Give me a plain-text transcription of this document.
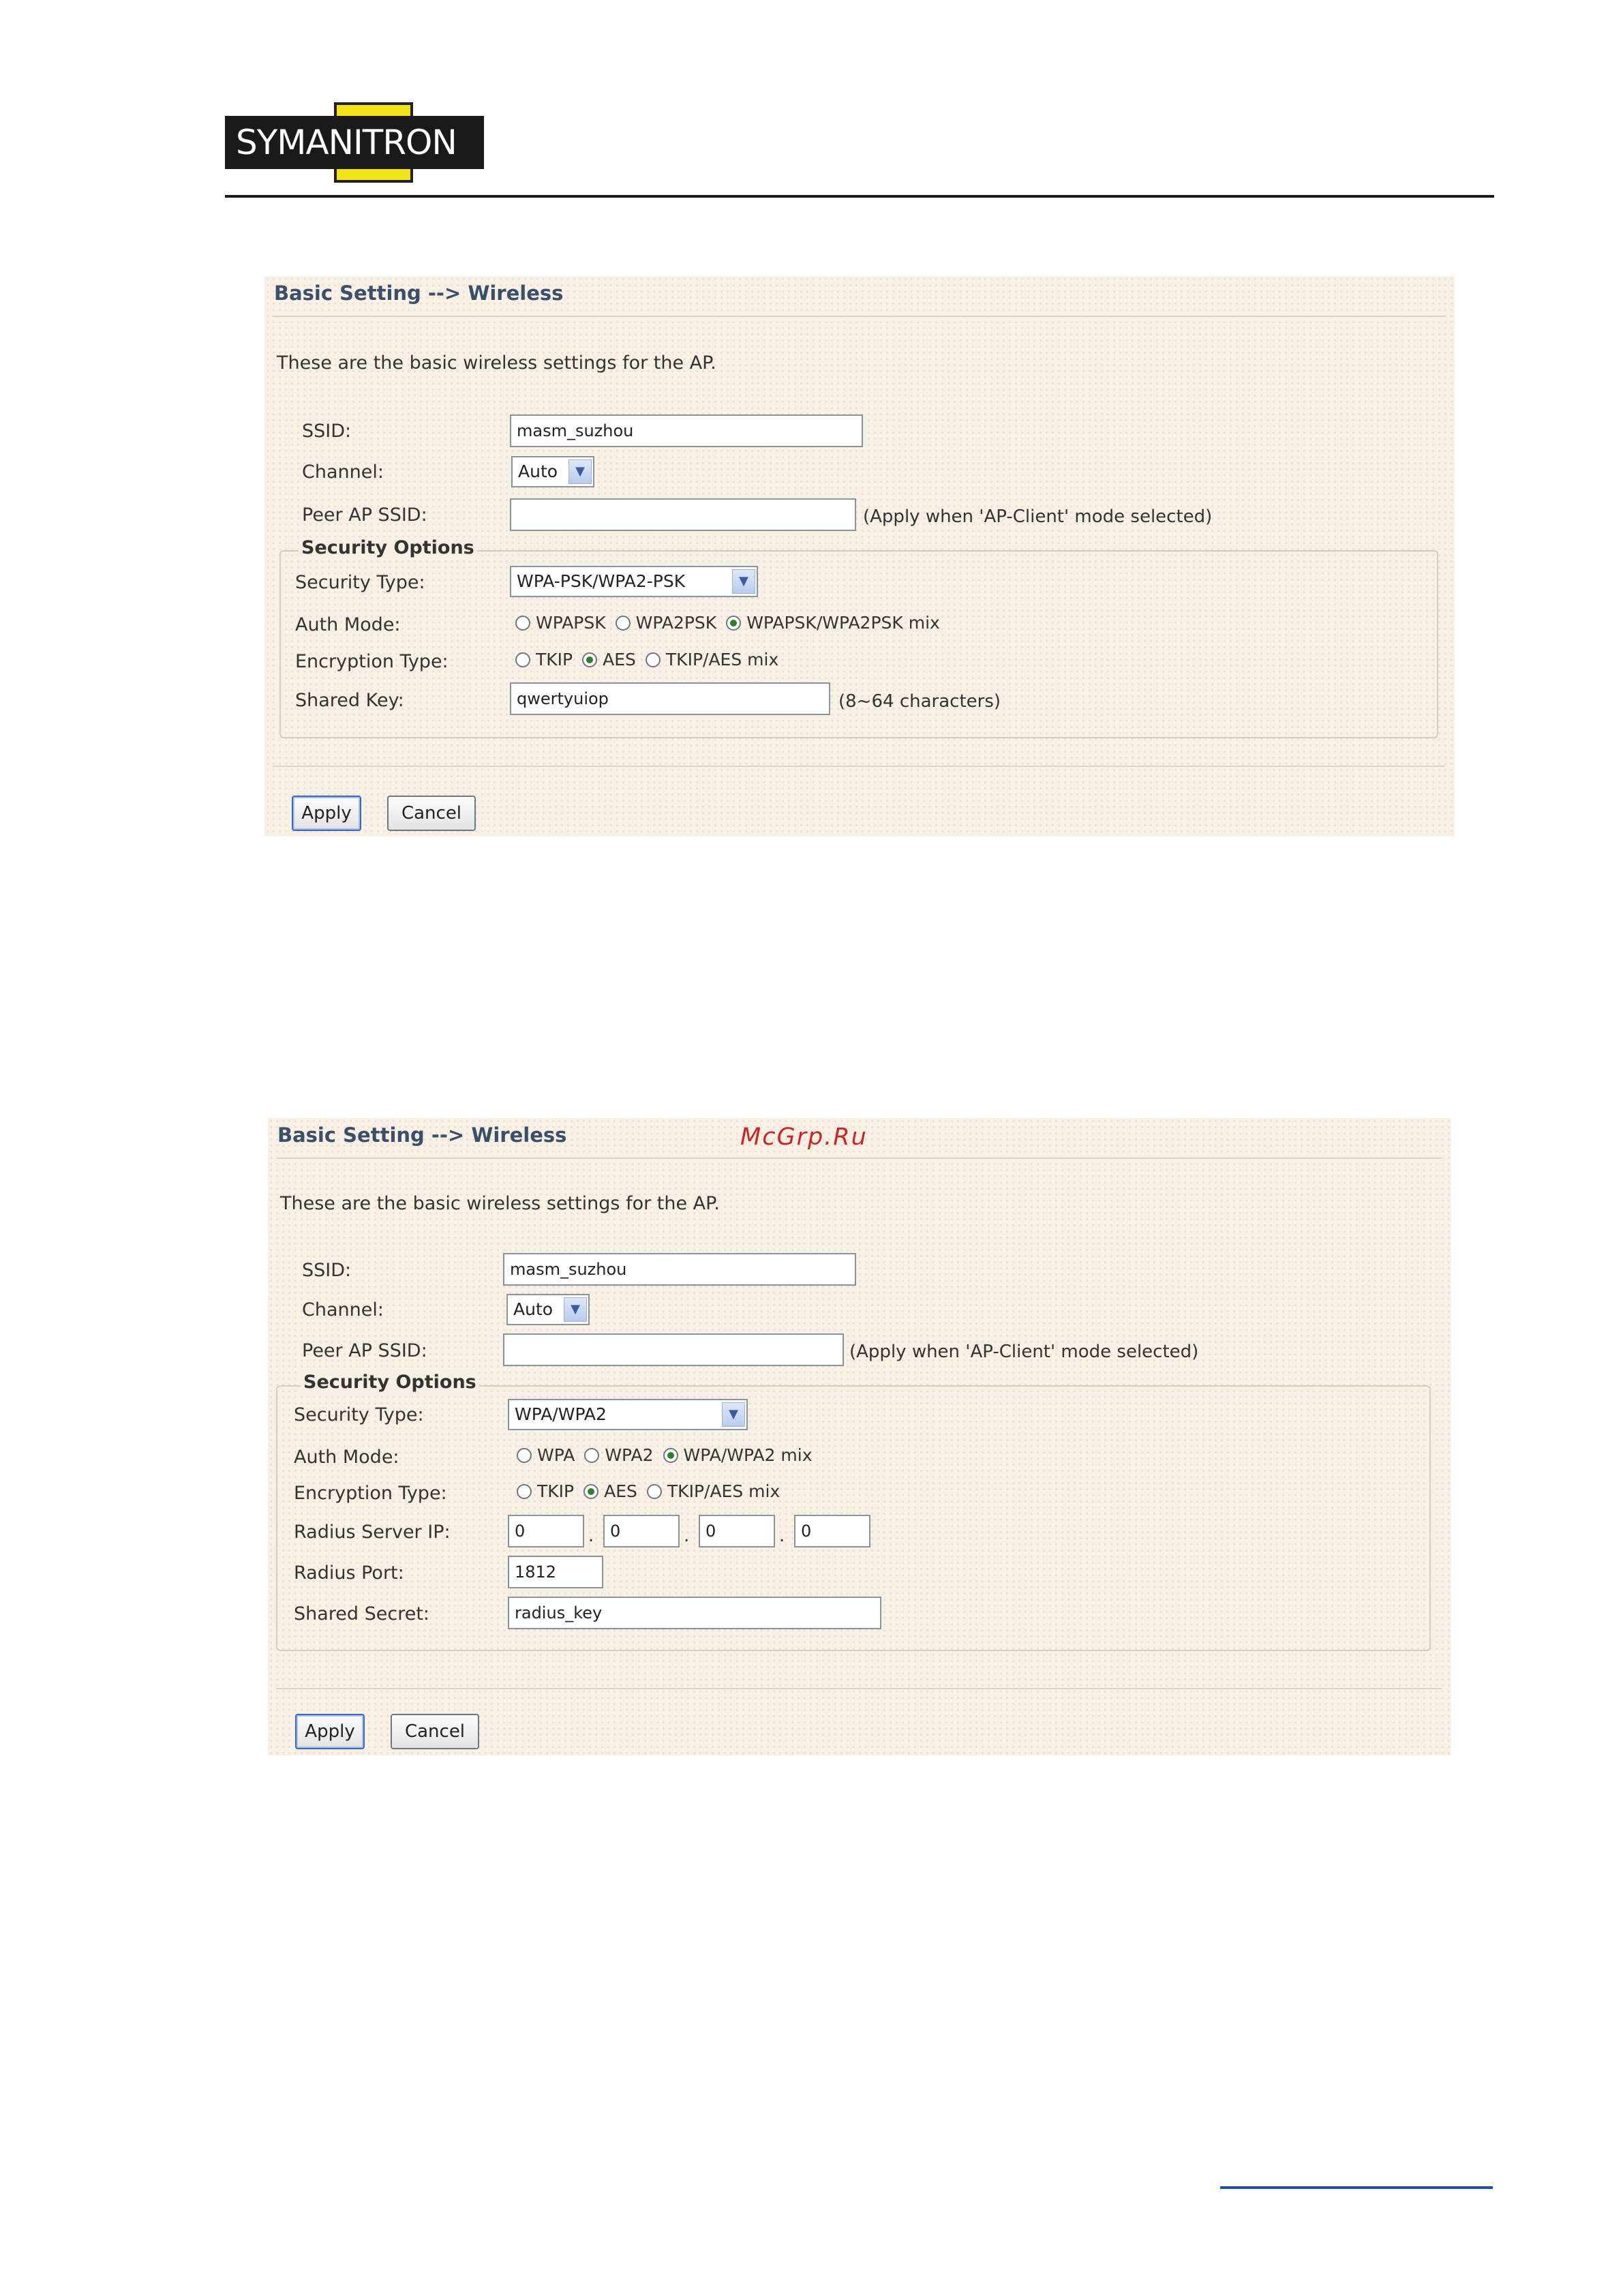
SYMANITRON
Basic Setting --> Wireless
These are the basic wireless settings for the AP.
SSID:	masm_suzhou
Channel:	Auto	▼
Peer AP SSID:	(Apply when 'AP-Client' mode selected)
Security Options
Security Type:	WPA-PSK/WPA2-PSK	▼
Auth Mode:	WPAPSK WPA2PSK WPAPSK/WPA2PSK mix
Encryption Type:	TKIP AES TKIP/AES mix
Shared Key:	qwertyuiop	(8~64 characters)
Apply	Cancel
Basic Setting --> Wireless
These are the basic wireless settings for the AP.
SSID:	masm_suzhou
Channel:	Auto	▼
Peer AP SSID:	(Apply when 'AP-Client' mode selected)
Security Options
Security Type:	WPA/WPA2	▼
Auth Mode:	WPA WPA2 WPA/WPA2 mix
Encryption Type:	TKIP AES TKIP/AES mix
Radius Server IP:	0	. 0	. 0	. 0
Radius Port:	1812
Shared Secret:	radius_key
Apply	Cancel
McGrp.Ru
